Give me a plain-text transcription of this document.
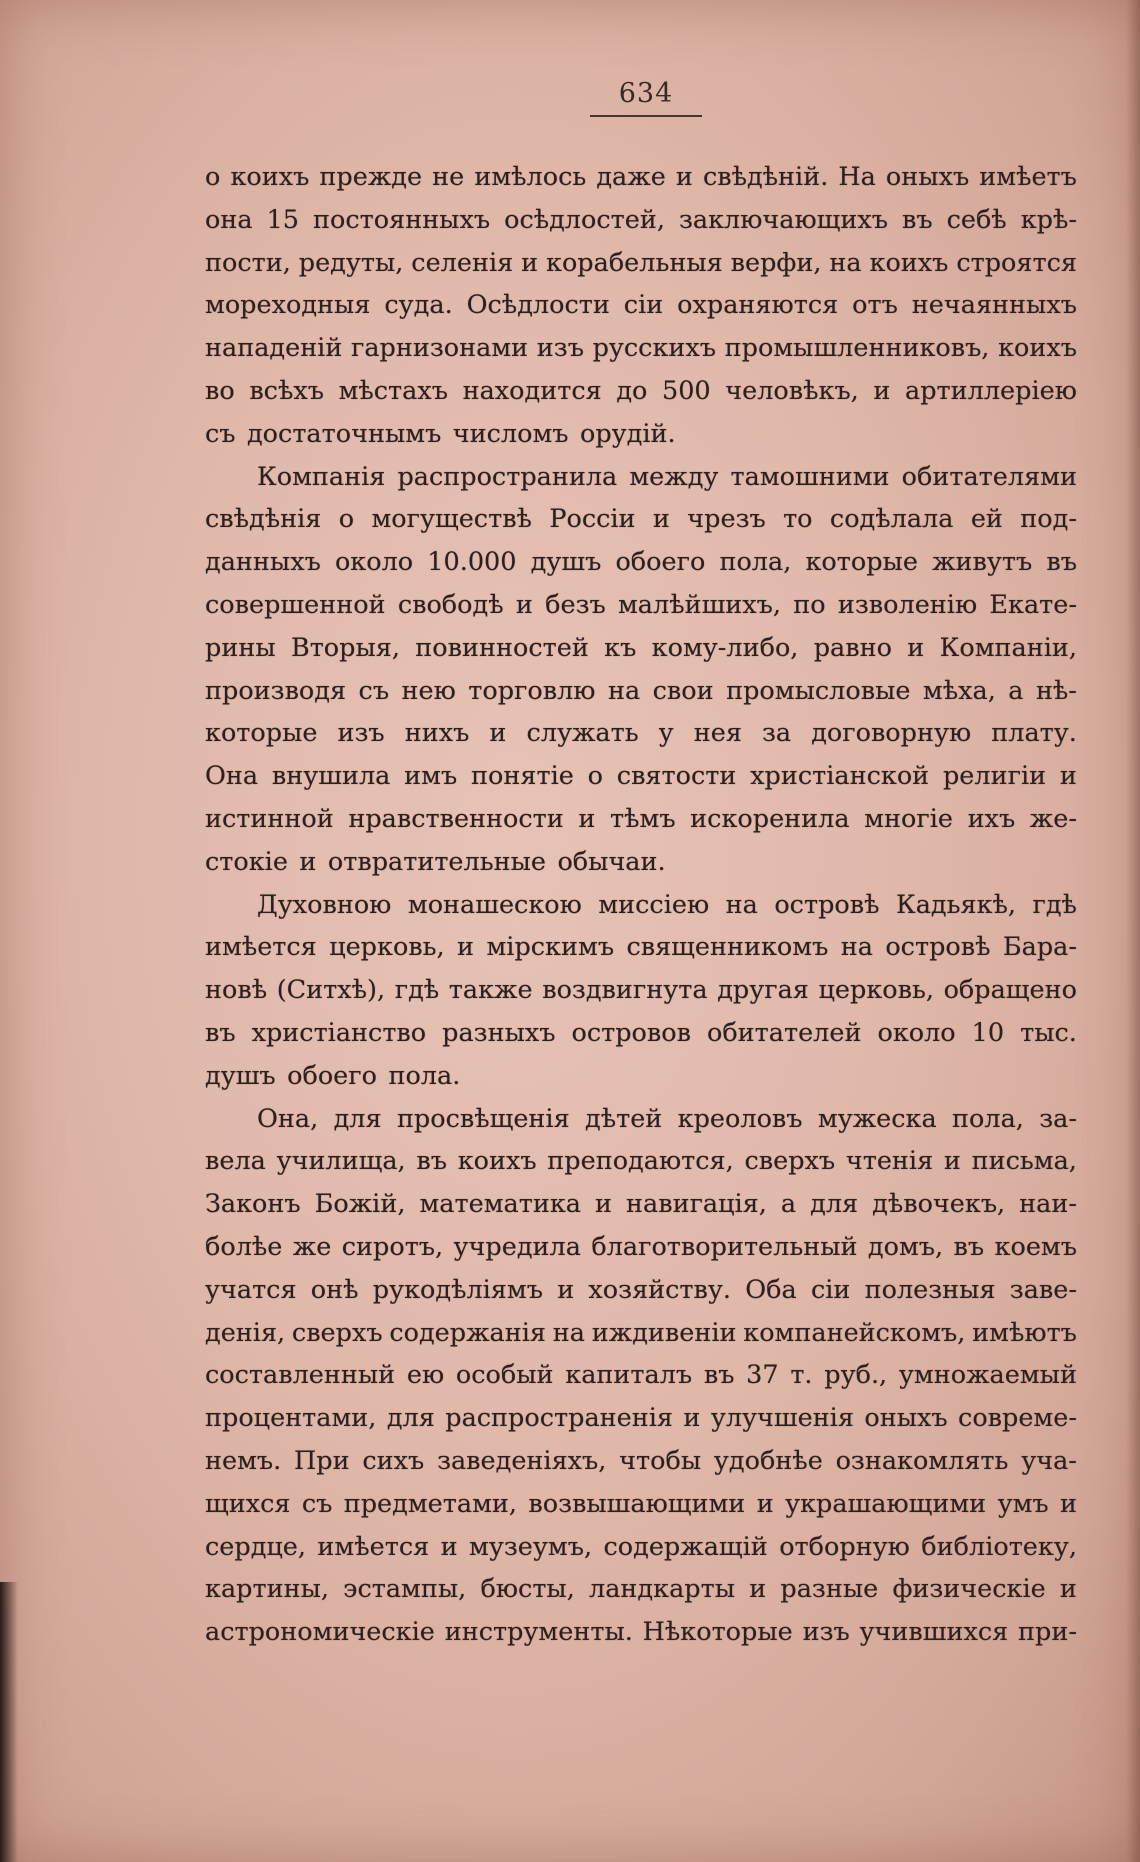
634
о коихъ прежде не имѣлось даже и свѣдѣній. На оныхъ имѣетъ
она 15 постоянныхъ осѣдлостей, заключающихъ въ себѣ крѣ-
пости, редуты, селенія и корабельныя верфи, на коихъ строятся
мореходныя суда. Осѣдлости сіи охраняются отъ нечаянныхъ
нападеній гарнизонами изъ русскихъ промышленниковъ, коихъ
во всѣхъ мѣстахъ находится до 500 человѣкъ, и артиллеріею
съ достаточнымъ числомъ орудій.
Компанія распространила между тамошними обитателями
свѣдѣнія о могуществѣ Россіи и чрезъ то содѣлала ей под-
данныхъ около 10.000 душъ обоего пола, которые живутъ въ
совершенной свободѣ и безъ малѣйшихъ, по изволенію Екате-
рины Вторыя, повинностей къ кому-либо, равно и Компаніи,
производя съ нею торговлю на свои промысловые мѣха, а нѣ-
которые изъ нихъ и служать у нея за договорную плату.
Она внушила имъ понятіе о святости христіанской религіи и
истинной нравственности и тѣмъ искоренила многіе ихъ же-
стокіе и отвратительные обычаи.
Духовною монашескою миссіею на островѣ Кадьякѣ, гдѣ
имѣется церковь, и мірскимъ священникомъ на островѣ Бара-
новѣ (Ситхѣ), гдѣ также воздвигнута другая церковь, обращено
въ христіанство разныхъ островов обитателей около 10 тыс.
душъ обоего пола.
Она, для просвѣщенія дѣтей креоловъ мужеска пола, за-
вела училища, въ коихъ преподаются, сверхъ чтенія и письма,
Законъ Божій, математика и навигація, а для дѣвочекъ, наи-
болѣе же сиротъ, учредила благотворительный домъ, въ коемъ
учатся онѣ рукодѣліямъ и хозяйству. Оба сіи полезныя заве-
денія, сверхъ содержанія на иждивеніи компанейскомъ, имѣютъ
составленный ею особый капиталъ въ 37 т. руб., умножаемый
процентами, для распространенія и улучшенія оныхъ совреме-
немъ. При сихъ заведеніяхъ, чтобы удобнѣе ознакомлять уча-
щихся съ предметами, возвышающими и украшающими умъ и
сердце, имѣется и музеумъ, содержащій отборную библіотеку,
картины, эстампы, бюсты, ландкарты и разные физическіе и
астрономическіе инструменты. Нѣкоторые изъ учившихся при-
